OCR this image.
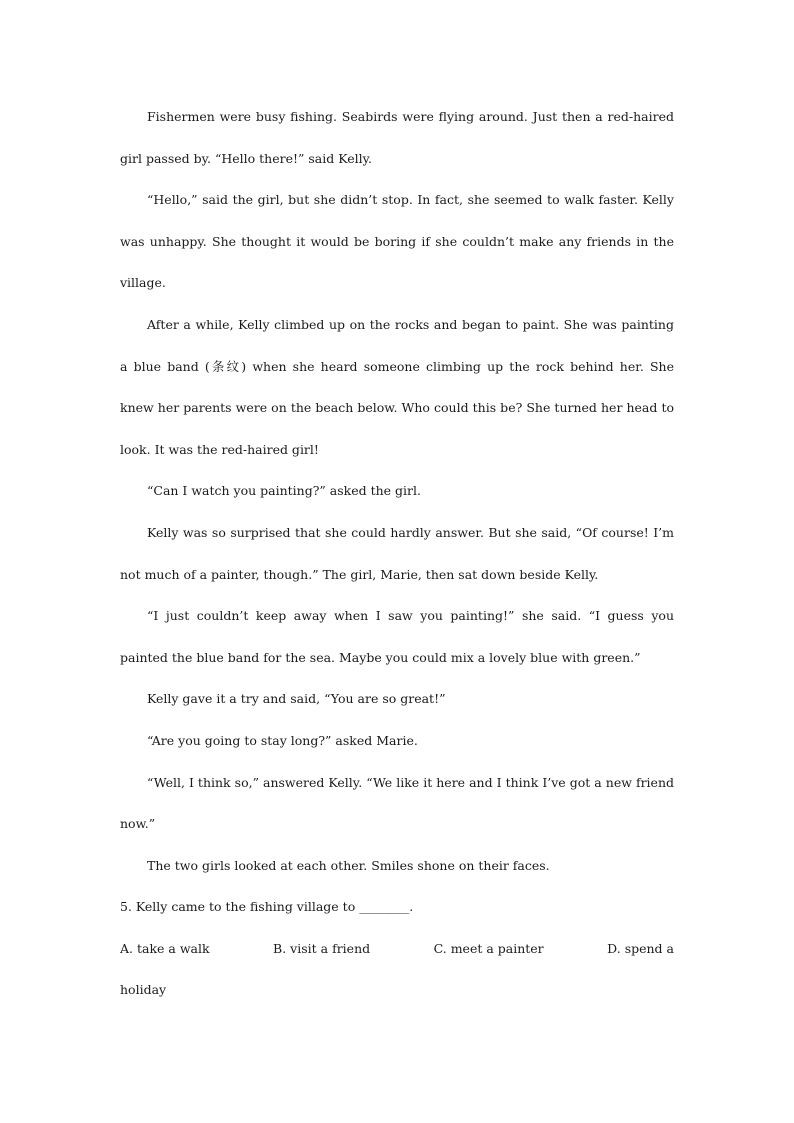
Fishermen were busy fishing. Seabirds were flying around. Just then a red-haired girl passed by. “Hello there!” said Kelly.

“Hello,” said the girl, but she didn’t stop. In fact, she seemed to walk faster. Kelly was unhappy. She thought it would be boring if she couldn’t make any friends in the village.

After a while, Kelly climbed up on the rocks and began to paint. She was painting a blue band (条纹) when she heard someone climbing up the rock behind her. She knew her parents were on the beach below. Who could this be? She turned her head to look. It was the red-haired girl!

“Can I watch you painting?” asked the girl.

Kelly was so surprised that she could hardly answer. But she said, “Of course! I’m not much of a painter, though.” The girl, Marie, then sat down beside Kelly.

“I just couldn’t keep away when I saw you painting!” she said. “I guess you painted the blue band for the sea. Maybe you could mix a lovely blue with green.”

Kelly gave it a try and said, “You are so great!”

“Are you going to stay long?” asked Marie.

“Well, I think so,” answered Kelly. “We like it here and I think I’ve got a new friend now.”

The two girls looked at each other. Smiles shone on their faces.

5. Kelly came to the fishing village to ________.

A. take a walk	B. visit a friend	C. meet a painter	D. spend a

holiday
